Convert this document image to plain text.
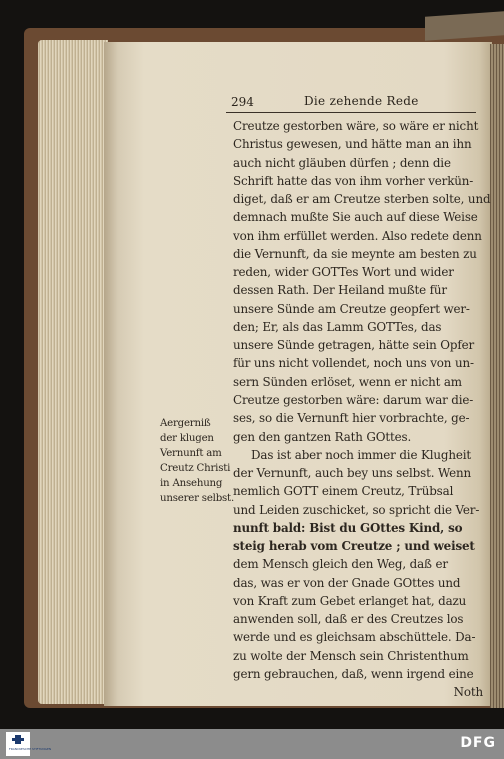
294	Die zehende Rede
Creutze gestorben wäre, so wäre er nicht
Christus gewesen, und hätte man an ihn
auch nicht gläuben dürfen ; denn die
Schrift hatte das von ihm vorher verkün-
diget, daß er am Creutze sterben solte, und
demnach mußte Sie auch auf diese Weise
von ihm erfüllet werden. Also redete denn
die Vernunft, da sie meynte am besten zu
reden, wider GOTTes Wort und wider
dessen Rath. Der Heiland mußte für
unsere Sünde am Creutze geopfert wer-
den; Er, als das Lamm GOTTes, das
unsere Sünde getragen, hätte sein Opfer
für uns nicht vollendet, noch uns von un-
sern Sünden erlöset, wenn er nicht am
Creutze gestorben wäre: darum war die-
ses, so die Vernunft hier vorbrachte, ge-
gen den gantzen Rath GOttes.
Das ist aber noch immer die Klugheit
der Vernunft, auch bey uns selbst. Wenn
nemlich GOTT einem Creutz, Trübsal
und Leiden zuschicket, so spricht die Ver-
nunft bald: Bist du GOttes Kind, so
steig herab vom Creutze ; und weiset
dem Mensch gleich den Weg, daß er
das, was er von der Gnade GOttes und
von Kraft zum Gebet erlanget hat, dazu
anwenden soll, daß er des Creutzes los
werde und es gleichsam abschüttele. Da-
zu wolte der Mensch sein Christenthum
gern gebrauchen, daß, wenn irgend eine
Noth
Aergerniß
der klugen
Vernunft am
Creutz Christi
in Ansehung
unserer selbst.
FRANCKESCHE STIFTUNGEN	DFG
